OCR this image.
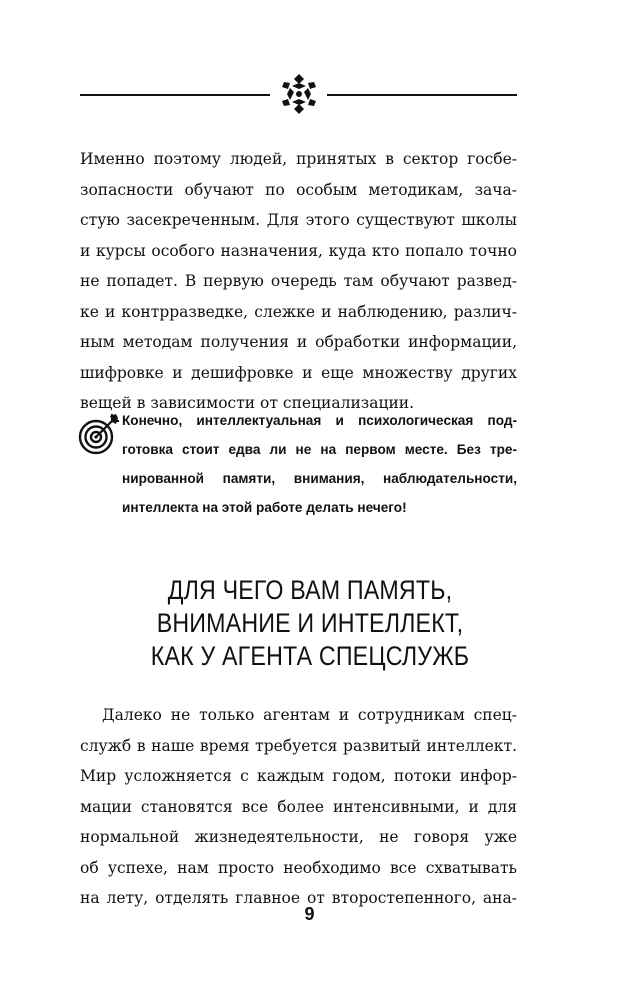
Именно поэтому людей, принятых в сектор госбе-
зопасности обучают по особым методикам, зача-
стую засекреченным. Для этого существуют школы
и курсы особого назначения, куда кто попало точно
не попадет. В первую очередь там обучают развед-
ке и контрразведке, слежке и наблюдению, различ-
ным методам получения и обработки информации,
шифровке и дешифровке и еще множеству других
вещей в зависимости от специализации.
Конечно, интеллектуальная и психологическая под-
готовка стоит едва ли не на первом месте. Без тре-
нированной памяти, внимания, наблюдательности,
интеллекта на этой работе делать нечего!
ДЛЯ ЧЕГО ВАМ ПАМЯТЬ,
ВНИМАНИЕ И ИНТЕЛЛЕКТ,
КАК У АГЕНТА СПЕЦСЛУЖБ
Далеко не только агентам и сотрудникам спец-
служб в наше время требуется развитый интеллект.
Мир усложняется с каждым годом, потоки инфор-
мации становятся все более интенсивными, и для
нормальной жизнедеятельности, не говоря уже
об успехе, нам просто необходимо все схватывать
на лету, отделять главное от второстепенного, ана-
9
